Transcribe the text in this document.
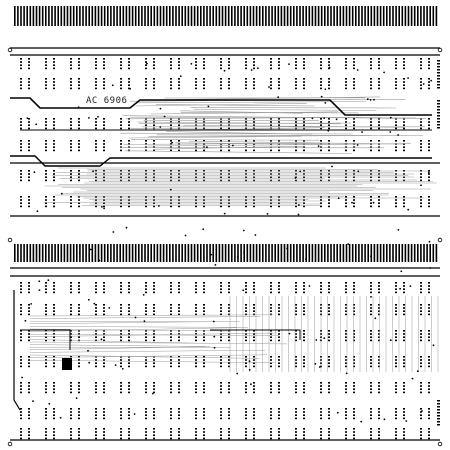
AC 6906
